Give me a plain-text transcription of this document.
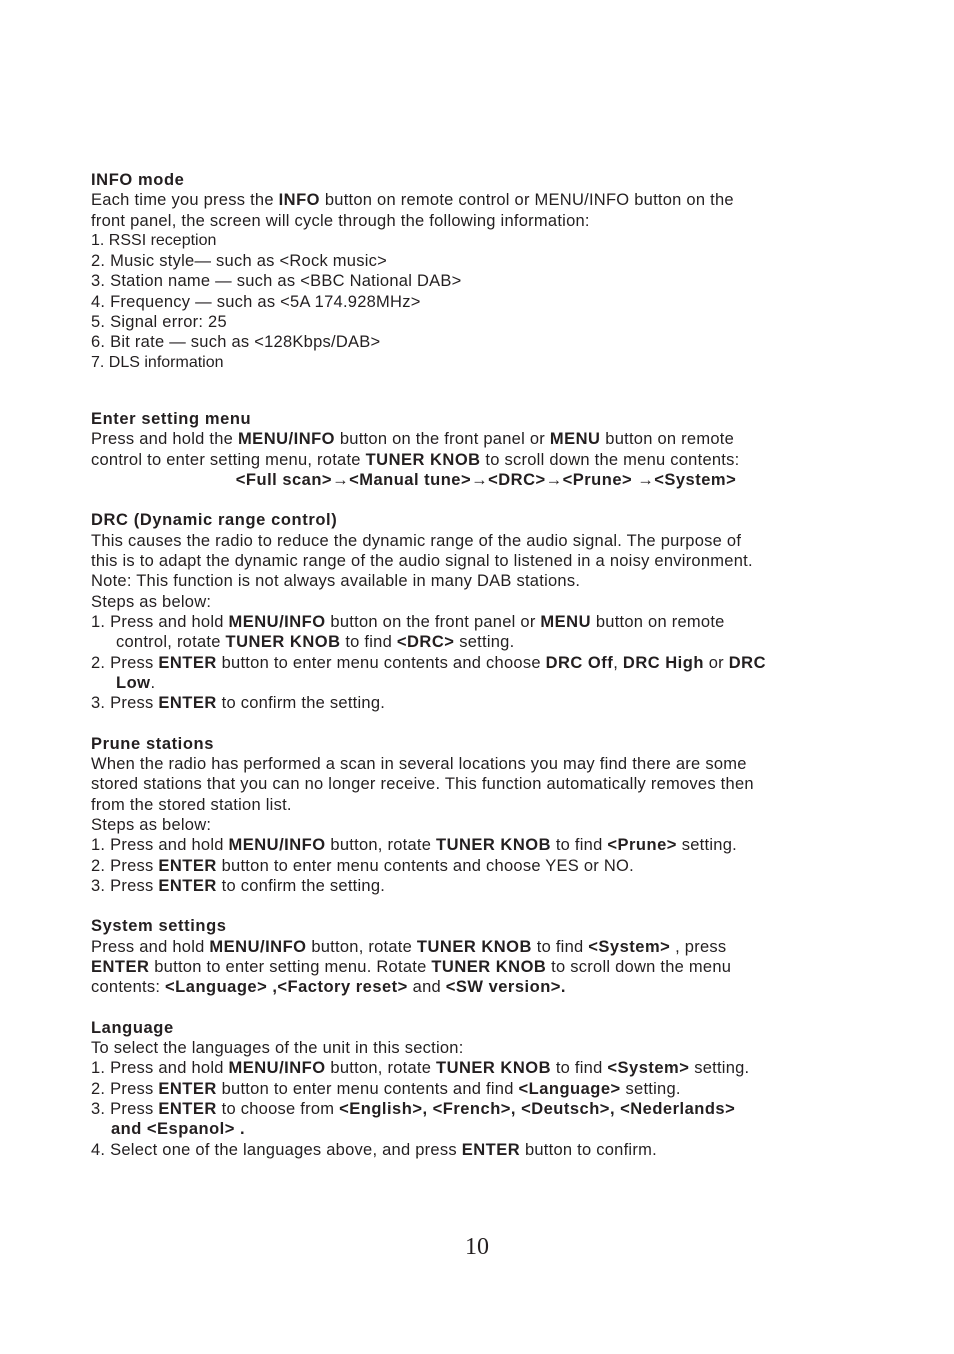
INFO mode
Each time you press the INFO button on remote control or MENU/INFO button on the
front panel, the screen will cycle through the following information:
1. RSSI reception
2. Music style— such as <Rock music>
3. Station name — such as <BBC National DAB>
4. Frequency — such as <5A 174.928MHz>
5. Signal error: 25
6. Bit rate — such as <128Kbps/DAB>
7. DLS information
Enter setting menu
Press and hold the MENU/INFO button on the front panel or MENU button on remote
control to enter setting menu, rotate TUNER KNOB to scroll down the menu contents:
<Full scan>→<Manual tune>→<DRC>→<Prune> →<System>
DRC (Dynamic range control)
This causes the radio to reduce the dynamic range of the audio signal. The purpose of
this is to adapt the dynamic range of the audio signal to listened in a noisy environment.
Note: This function is not always available in many DAB stations.
Steps as below:
1. Press and hold MENU/INFO button on the front panel or MENU button on remote
control, rotate TUNER KNOB to find <DRC> setting.
2. Press ENTER button to enter menu contents and choose DRC Off, DRC High or DRC
Low.
3. Press ENTER to confirm the setting.
Prune stations
When the radio has performed a scan in several locations you may find there are some
stored stations that you can no longer receive. This function automatically removes then
from the stored station list.
Steps as below:
1. Press and hold MENU/INFO button, rotate TUNER KNOB to find <Prune> setting.
2. Press ENTER button to enter menu contents and choose YES or NO.
3. Press ENTER to confirm the setting.
System settings
Press and hold MENU/INFO button, rotate TUNER KNOB to find <System> , press
ENTER button to enter setting menu. Rotate TUNER KNOB to scroll down the menu
contents: <Language> ,<Factory reset> and <SW version>.
Language
To select the languages of the unit in this section:
1. Press and hold MENU/INFO button, rotate TUNER KNOB to find <System> setting.
2. Press ENTER button to enter menu contents and find <Language> setting.
3. Press ENTER to choose from <English>, <French>, <Deutsch>, <Nederlands>
and <Espanol> .
4. Select one of the languages above, and press ENTER button to confirm.
10
